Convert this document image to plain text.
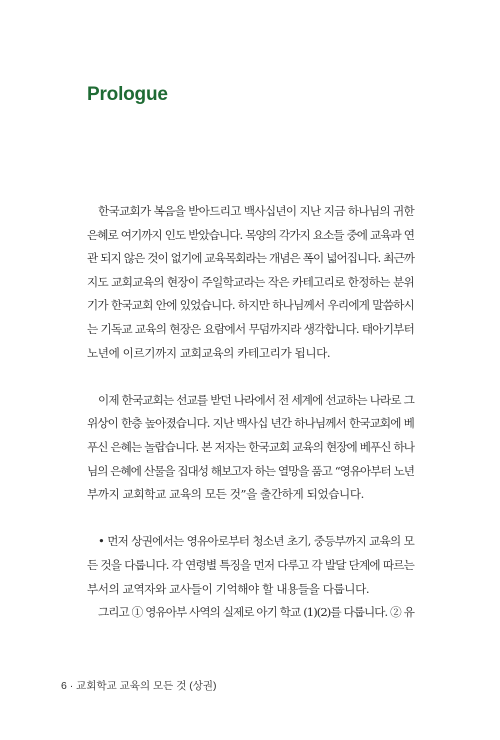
Prologue
한국교회가 복음을 받아드리고 백사십년이 지난 지금 하나님의 귀한
은혜로 여기까지 인도 받았습니다. 목양의 각가지 요소들 중에 교육과 연
관 되지 않은 것이 없기에 교육목회라는 개념은 폭이 넓어집니다. 최근까
지도 교회교육의 현장이 주일학교라는 작은 카테고리로 한정하는 분위
기가 한국교회 안에 있었습니다. 하지만 하나님께서 우리에게 말씀하시
는 기독교 교육의 현장은 요람에서 무덤까지라 생각합니다. 태아기부터
노년에 이르기까지 교회교육의 카테고리가 됩니다.
이제 한국교회는 선교를 받던 나라에서 전 세계에 선교하는 나라로 그
위상이 한층 높아졌습니다. 지난 백사십 년간 하나님께서 한국교회에 베
푸신 은혜는 놀랍습니다. 본 저자는 한국교회 교육의 현장에 베푸신 하나
님의 은혜에 산물을 집대성 해보고자 하는 열망을 품고 “영유아부터 노년
부까지 교회학교 교육의 모든 것”을 출간하게 되었습니다.
• 먼저 상권에서는 영유아로부터 청소년 초기, 중등부까지 교육의 모
든 것을 다룹니다. 각 연령별 특징을 먼저 다루고 각 발달 단계에 따르는
부서의 교역자와 교사들이 기억해야 할 내용들을 다룹니다.
그리고 ① 영유아부 사역의 실제로 아기 학교 (1)(2)를 다룹니다. ② 유
6 · 교회학교 교육의 모든 것 (상권)
